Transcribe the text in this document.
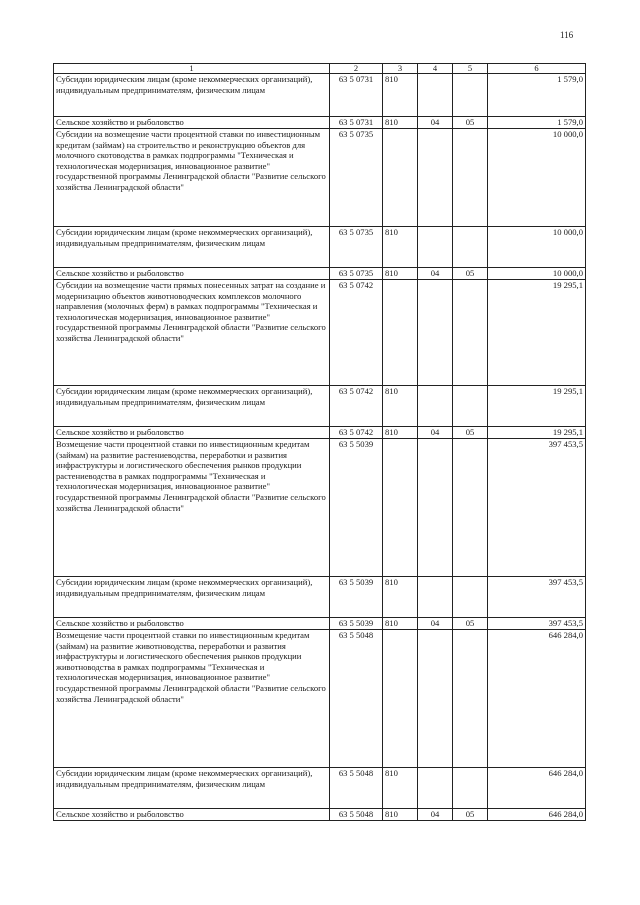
116
1	2	3	4	5	6
Субсидии юридическим лицам (кроме некоммерческих организаций), индивидуальным предпринимателям, физическим лицам	63 5 0731	810			1 579,0
Сельское хозяйство и рыболовство	63 5 0731	810	04	05	1 579,0
Субсидии на возмещение части процентной ставки по инвестиционным кредитам (займам) на строительство и реконструкцию объектов для молочного скотоводства в рамках подпрограммы "Техническая и технологическая модернизация, инновационное развитие" государственной программы Ленинградской области "Развитие сельского хозяйства Ленинградской области"	63 5 0735				10 000,0
Субсидии юридическим лицам (кроме некоммерческих организаций), индивидуальным предпринимателям, физическим лицам	63 5 0735	810			10 000,0
Сельское хозяйство и рыболовство	63 5 0735	810	04	05	10 000,0
Субсидии на возмещение части прямых понесенных затрат на создание и модернизацию объектов животноводческих комплексов молочного направления (молочных ферм) в рамках подпрограммы "Техническая и технологическая модернизация, инновационное развитие" государственной программы Ленинградской области "Развитие сельского хозяйства Ленинградской области"	63 5 0742				19 295,1
Субсидии юридическим лицам (кроме некоммерческих организаций), индивидуальным предпринимателям, физическим лицам	63 5 0742	810			19 295,1
Сельское хозяйство и рыболовство	63 5 0742	810	04	05	19 295,1
Возмещение части процентной ставки по инвестиционным кредитам (займам) на развитие растениеводства, переработки и развития инфраструктуры и логистического обеспечения рынков продукции растениеводства в рамках подпрограммы "Техническая и технологическая модернизация, инновационное развитие" государственной программы Ленинградской области "Развитие сельского хозяйства Ленинградской области"	63 5 5039				397 453,5
Субсидии юридическим лицам (кроме некоммерческих организаций), индивидуальным предпринимателям, физическим лицам	63 5 5039	810			397 453,5
Сельское хозяйство и рыболовство	63 5 5039	810	04	05	397 453,5
Возмещение части процентной ставки по инвестиционным кредитам (займам) на развитие животноводства, переработки и развития инфраструктуры и логистического обеспечения рынков продукции животноводства в рамках подпрограммы "Техническая и технологическая модернизация, инновационное развитие" государственной программы Ленинградской области "Развитие сельского хозяйства Ленинградской области"	63 5 5048				646 284,0
Субсидии юридическим лицам (кроме некоммерческих организаций), индивидуальным предпринимателям, физическим лицам	63 5 5048	810			646 284,0
Сельское хозяйство и рыболовство	63 5 5048	810	04	05	646 284,0
